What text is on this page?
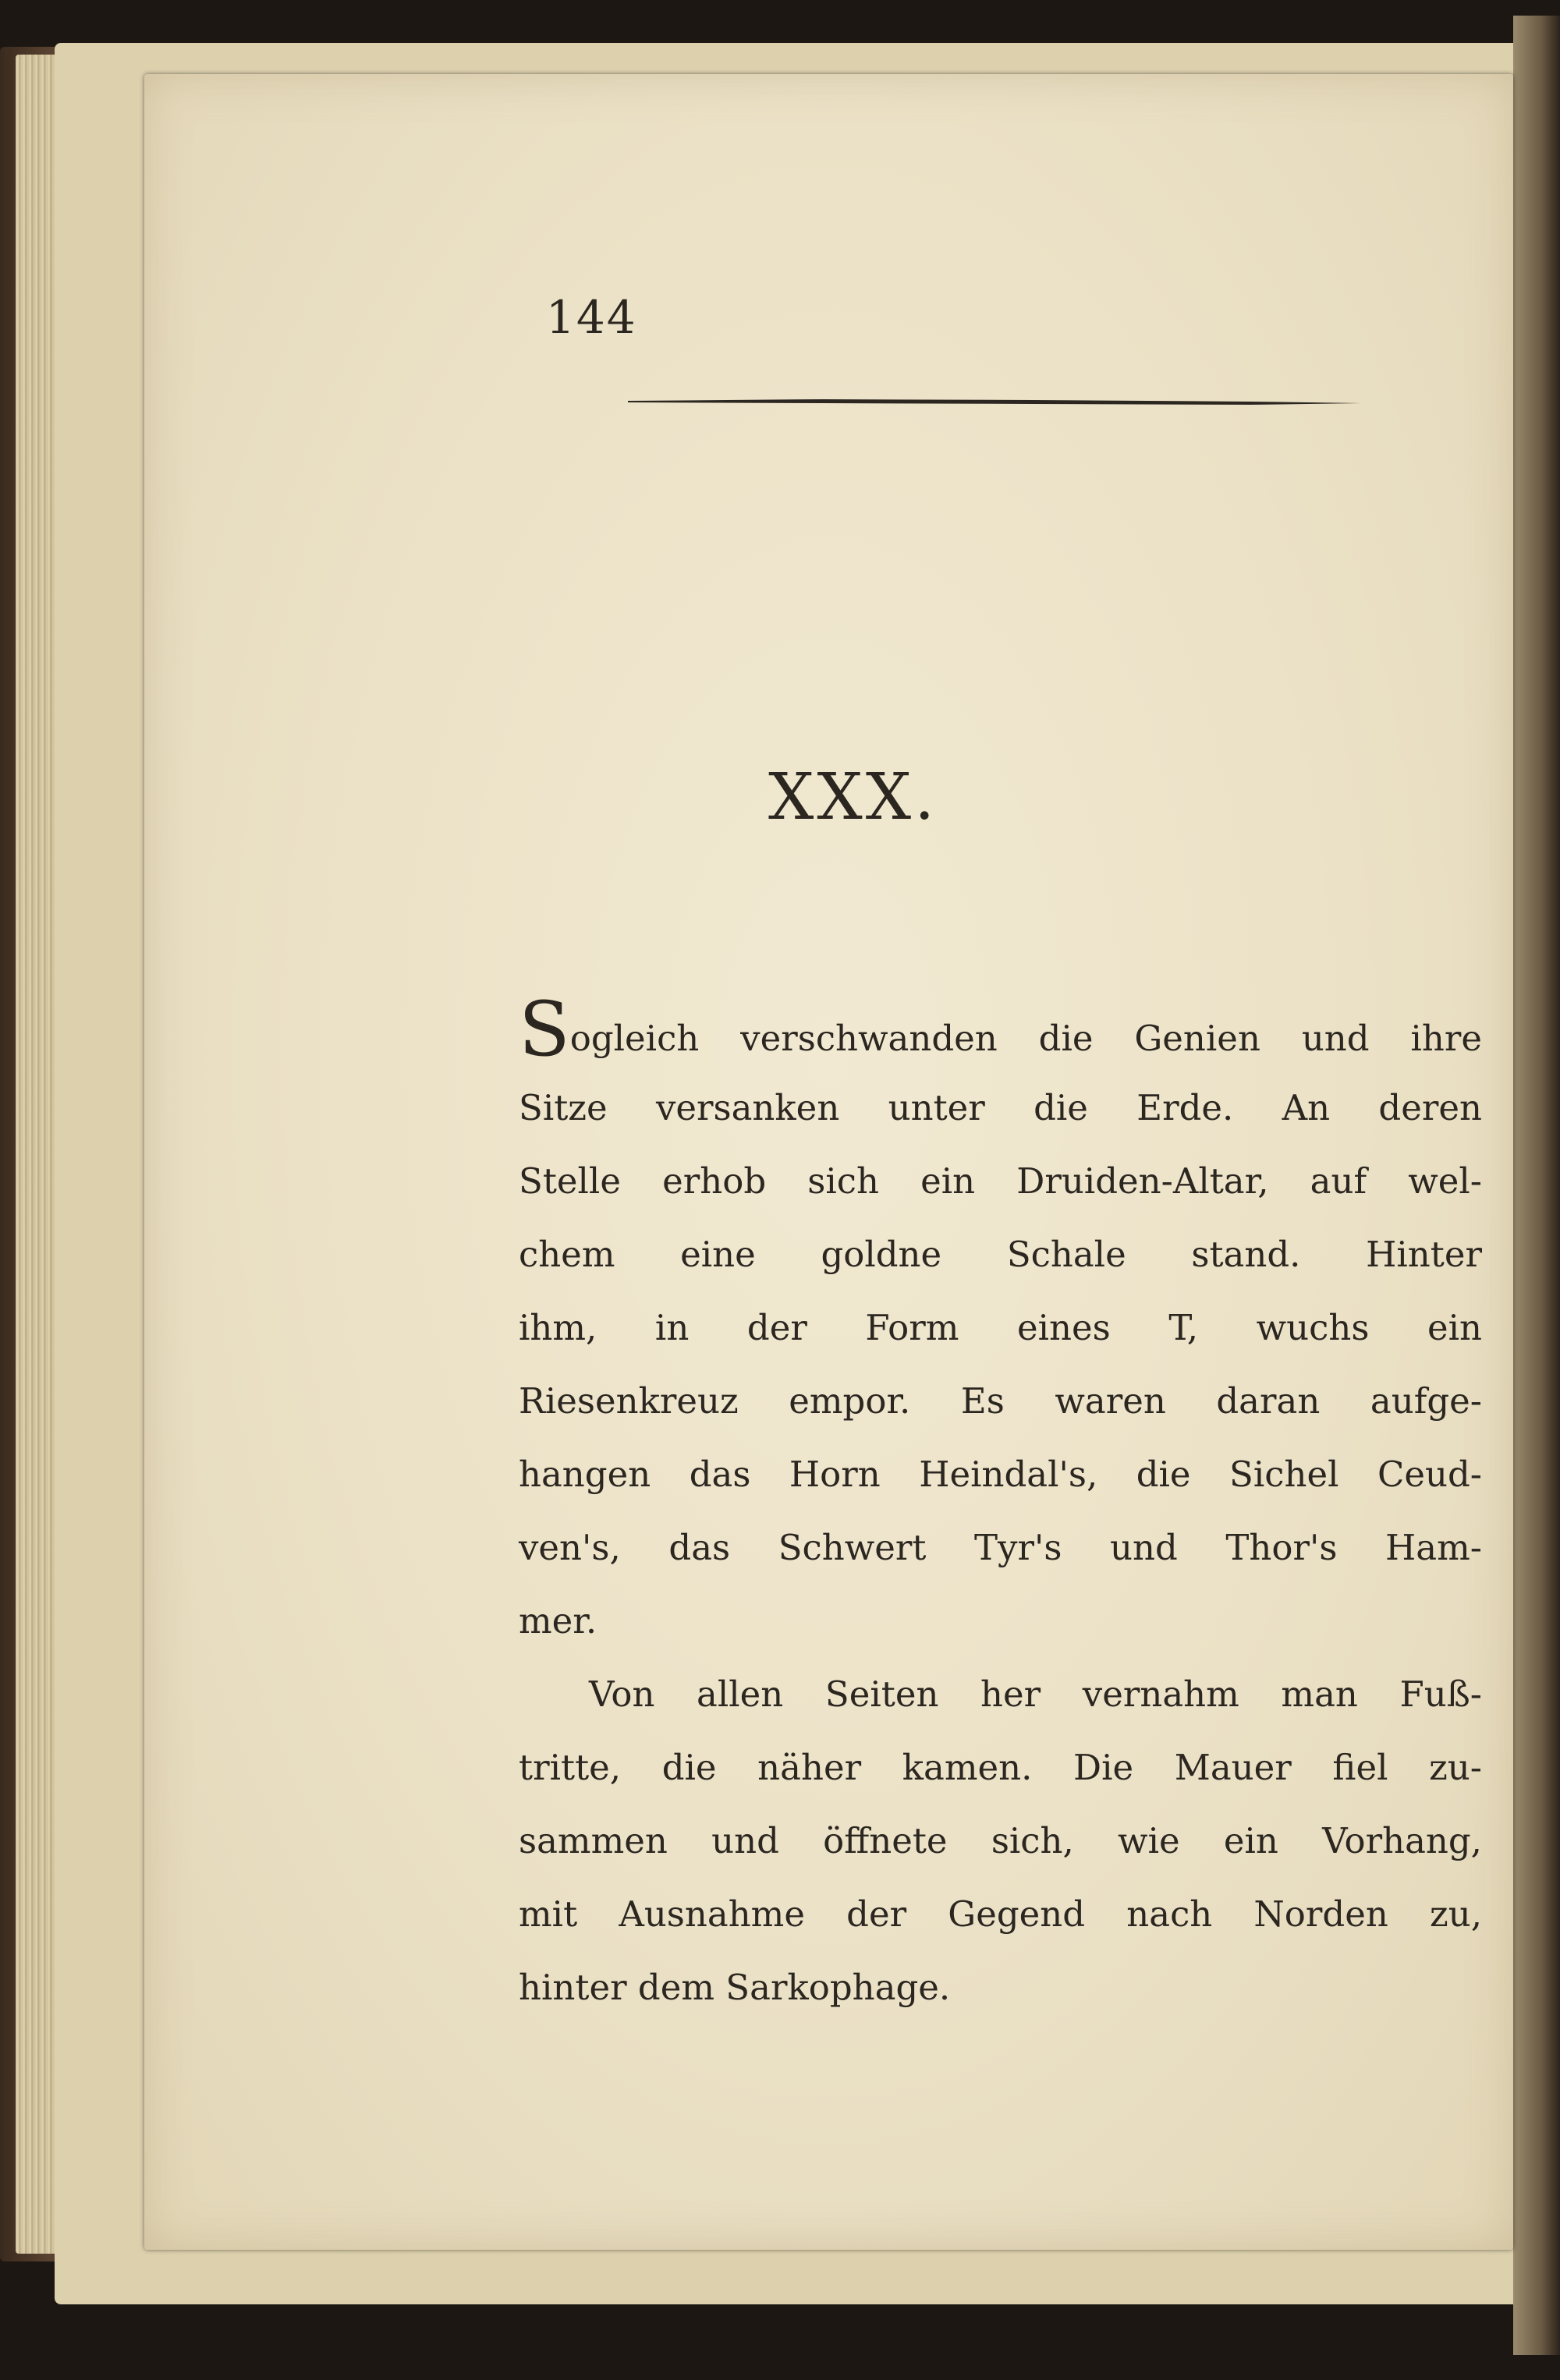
144
XXX.
Sogleich verschwanden die Genien und ihre
Sitze versanken unter die Erde. An deren
Stelle erhob sich ein Druiden-Altar, auf wel-
chem eine goldne Schale stand. Hinter
ihm, in der Form eines T, wuchs ein
Riesenkreuz empor. Es waren daran aufge-
hangen das Horn Heindal's, die Sichel Ceud-
ven's, das Schwert Tyr's und Thor's Ham-
mer.
Von allen Seiten her vernahm man Fuß-
tritte, die näher kamen. Die Mauer fiel zu-
sammen und öffnete sich, wie ein Vorhang,
mit Ausnahme der Gegend nach Norden zu,
hinter dem Sarkophage.
